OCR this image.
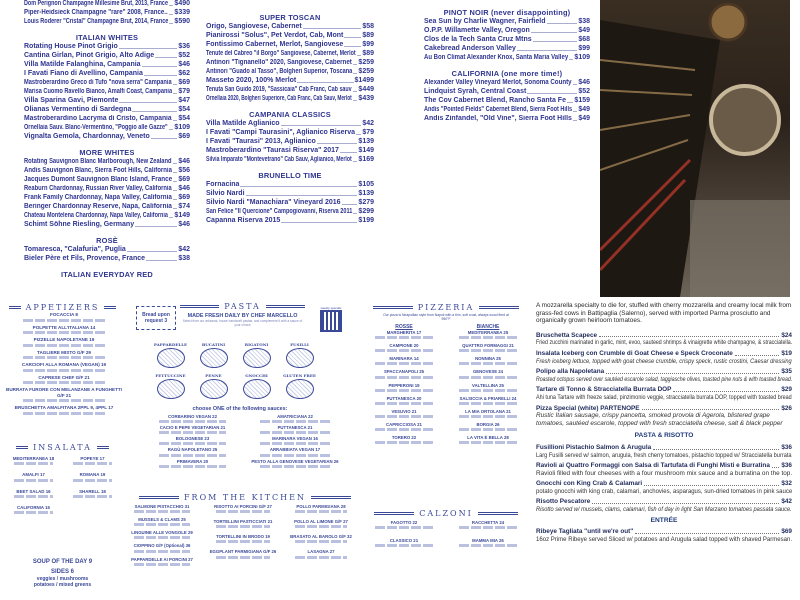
Dom Perignon Champagne Millesime Brut, 2013, France $490
Piper-Heidsieck Champagne "rare" 2008, France.. $339
Louis Roderer "Cristal" Champagne Brut, 2014, France $590
ITALIAN WHITES
Rotating House Pinot Grigio	$36
Cantina Girlan, Pinot Grigio, Alto Adige	$52
Villa Matilde Falanghina, Campania	$46
I Favati Fiano di Avellino, Campania	$62
Mastroberardino Greco di Tufo "nova serra" Campania $69
Marisa Cuomo Ravello Bianco, Amalfi Coast, Campania $79
Villa Sparina Gavi, Piemonte	$47
Olianas Vermentino di Sardegna	$54
Mastroberardino Lacryma di Cristo, Campania $54
Ornellaia Sauv. Blanc-Vermentino, "Poggio alle Gazze" $109
Vignalta Gemola, Chardonnay, Veneto	$69
MORE WHITES
Rotating Sauvignon Blanc Marlborough, New Zealand $46
Andis Sauvignon Blanc, Sierra Foot Hills, California $56
Jacques Dumont Sauvignon Blanc Island, France $69
Reaburn Chardonnay, Russian River Valley, California $46
Frank Family Chardonnay, Napa Valley, California $69
Beringer Chardonnay Reserve, Napa, California $74
Chateau Montelena Chardonnay, Napa Valley, California $149
Schimt Söhne Riesling, Germany	$46
ROSÈ
Tomaresca, "Calafuria", Puglia	$42
Bieler Père et Fils, Provence, France	$38
ITALIAN EVERYDAY RED
SUPER TOSCAN
Origo, Sangiovese, Cabernet	$58
Pianirossi "Solus", Pet Verdot, Cab, Mont	$89
Fontissimo Cabernet, Merlot, Sangiovese	$99
Tenute del Cabreo "il Borgo" Sangiovese, Cabernet, Merlot $89
Antinori "Tignanello" 2020, Sangiovese, Cabernet $259
Antinori "Guado al Tasso", Bolgheri Superior, Toscana $259
Masseto 2020, 100% Merlot	$1499
Tenuta San Guido 2019, "Sassicaia" Cab Franc, Cab sauv $449
Ornellaia 2020, Bolgheri Superiore, Cab Franc, Cab Sauv, Merlot $439
CAMPANIA CLASSICS
Villa Matilde Aglianico	$42
I Favati "Campi Taurasini", Aglianico Riserva $79
I Favati "Taurasi" 2013, Aglianico	$139
Mastroberardino "Taurasi Riserva" 2017	$149
Silvia Imparato "Montevetrano" Cab Sauv, Aglianico, Merlot $169
BRUNELLO TIME
Fornacina	$105
Silvio Nardi	$139
Silvio Nardi "Manachiara" Vineyard 2016	$279
San Felice "Il Quercione" Campogiovanni, Riserva 2011 $299
Capanna Riserva 2015	$199
PINOT NOIR (never disappointing)
Sea Sun by Charlie Wagner, Fairfield	$38
O.P.P. Willamette Valley, Oregon	$49
Clos de la Tech Santa Cruz Mtns	$68
Cakebread Anderson Valley	$99
Au Bon Climat Alexander Knox, Santa Maria Valley $109
CALIFORNIA (one more time!)
Alexander Valley Vineyard Merlot, Sonoma County $46
Lindquist Syrah, Central Coast	$52
The Cov Cabernet Blend, Rancho Santa Fe $159
Andis "Pointed Fields" Cabernet Blend, Sierra Foot Hills $49
Andis Zinfandel, "Old Vine", Sierra Foot Hills $49
APPETIZERS
FOCACCIA 8
POLPETTE ALL'ITALIANA 14
PIZZELLE NAPOLETANE 19
TAGLIERE MISTO G/F 29
CARCIOFI ALLA ROMANA (VEGAN) 19
CAPRESE CHEF G/F 21
BURRATA FURORE CON MELANZANE A FUNGHETTI G/F 21
BRUSCHETTA AMALFITANA 2PPL 9, 4PPL 17
Bread upon request 3
INSALATA
MEDITERRANEA 18	POPEYE 17
AMALFI 17	ROMANA 19
BEET SALAD 16	SHARELL 18
CALIFORNIA 15
SOUP OF THE DAY 9
SIDES 6
veggies / mushrooms
potatoes / mixed greens
PASTA
MADE FRESH DAILY BY CHEF MARCELLO
Select from our artisanal, house handcraft pastas, and complement it with a sauce of your choice
weekly specials
PAPPARDELLE	BUCATINI	RIGATONI	FUSILLI
FETTUCCINE	PENNE	GNOCCHI	GLUTEN FREE
choose ONE of the following sauces:
CORBARINO VEGAN 22
CACIO E PEPE VEGETARIAN 21
BOLOGNESE 23
RAGÙ NAPOLETANO 25
PRIMAVERA 20
AMATRICIANA 22
PUTTANESCA 21
MARINARA VEGAN 16
ARRABBIATA VEGAN 17
PESTO ALLA GENOVESE VEGETARIAN 26
FROM THE KITCHEN
SALMONE PISTACCHIO 31
MUSSELS & CLAMS 25
LINGUINE ALLE VONGOLE 29
CIOPPINO G/F (Optional) 36
PAPPARDELLE AI PORCINI 27
RISOTTO AI PORCINI G/F 27
TORTELLINI PASTICCIATI 21
TORTELLINI IN BRODO 19
EGGPLANT PARMIGIANA G/F 26
POLLO PARMIGIANA 28
POLLO AL LIMONE G/F 27
BRASATO AL BAROLO G/F 32
LASAGNA 27
PIZZERIA
Our pizza is Neapolitan style from Napoli with a thin, soft crust, always wood fired at 950°F
ROSSE	BIANCHE
MARGHERITA 17
CAMPIONE 20
MARINARA 14
SPACCANAPOLI 25
PEPPERONI 19
PUTTANESCA 20
VESUVIO 21
CAPRICCIOSA 21
TORERO 22
MEDITERRANEA 25
QUATTRO FORMAGGI 21
NONNINA 25
GENOVESE 24
VALTELLINA 25
SALSICCIA & FRIARELLI 24
LA MIA ORTOLANA 21
BORGIA 26
LA VITA È BELLA 28
CALZONI
FAGOTTO 22	RACCHETTA 24
CLASSICO 21	MAMMA MIA 26
A mozzarella specialty to die for, stuffed with cherry mozzarella and creamy local milk from grass-fed cows in Battipaglia (Salerno), served with imported Parma prosciutto and organically grown heirloom tomatoes.
Bruschetta Scapece	$24
Fried zucchini marinated in garlic, mint, evoo, sauteed shrimps & vinaigrette white champagne, & stracciatella.
Insalata Iceberg con Crumble di Goat Cheese e Speck Croconate	$19
Fresh iceberg lettuce, topped with goat cheese crumble, crispy speck, rustic crostini, Caesar dressing
Polipo alla Napoletana	$35
Roasted octopus served over sautéed escarole salad, taggiasche olives, toasted pine nuts & with toasted bread.
Tartare di Tonno & Stracciatella Burrata DOP	$29
Ahi tuna Tartare with freeze salad, pinzimonio veggie, stracciatella burrata DOP, topped with toasted bread
Pizza Special (white) PARTENOPE	$26
Rustic Italian sausage, crispy pancetta, smoked provola di Agerola, blistered grape tomatoes, sautéed escarole, topped with fresh stracciatella cheese, salt & black pepper
PASTA & RISOTTO
Fusillioni Pistachio Salmon & Arugula	$36
Larg Fusilli served w/ salmon, arugula, fresh cherry tomatoes, pistachio topped w/ Stracciatella burrata
Ravioli ai Quattro Formaggi con Salsa di Tartufata di Funghi Misti e Burratina $36
Ravioli filled with four cheeses with a four mushroom mix sauce and a burratina on the top.
Gnocchi con King Crab & Calamari	$32
potato gnocchi with king crab, calamari, anchovies, asparagus, sun-dried tomatoes in pink sauce
Risotto Pescatore	$42
Risotto served w/ mussels, clams, calamari, fish of day in light San Marzano tomatoes passata sauce.
ENTRÉE
Ribeye Tagliata "until we're out"	$69
16oz Prime Ribeye served Sliced w/ potatoes and Arugula salad topped with shaved Parmesan.
